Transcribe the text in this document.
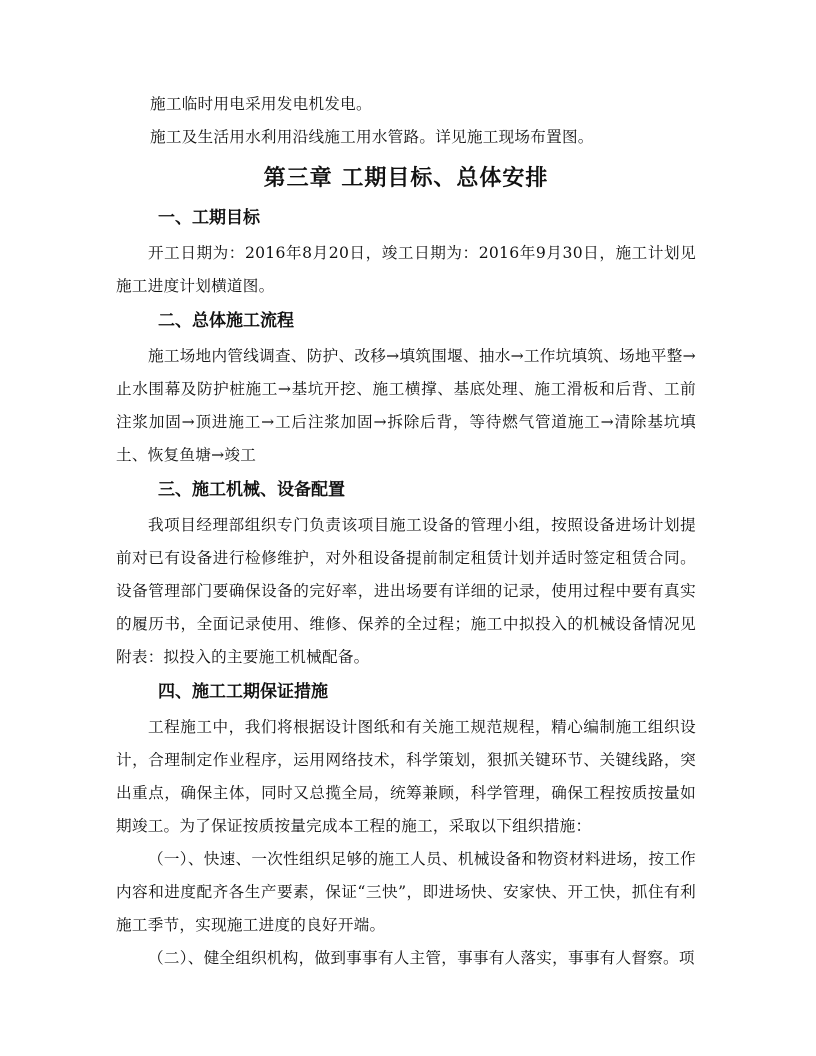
施工临时用电采用发电机发电。

施工及生活用水利用沿线施工用水管路。详见施工现场布置图。

第三章 工期目标、总体安排
一、工期目标

开工日期为：2016年8月20日，竣工日期为：2016年9月30日，施工计划见施工进度计划横道图。

二、总体施工流程

施工场地内管线调查、防护、改移→填筑围堰、抽水→工作坑填筑、场地平整→止水围幕及防护桩施工→基坑开挖、施工横撑、基底处理、施工滑板和后背、工前注浆加固→顶进施工→工后注浆加固→拆除后背，等待燃气管道施工→清除基坑填土、恢复鱼塘→竣工

三、施工机械、设备配置

我项目经理部组织专门负责该项目施工设备的管理小组，按照设备进场计划提前对已有设备进行检修维护，对外租设备提前制定租赁计划并适时签定租赁合同。设备管理部门要确保设备的完好率，进出场要有详细的记录，使用过程中要有真实的履历书，全面记录使用、维修、保养的全过程；施工中拟投入的机械设备情况见附表：拟投入的主要施工机械配备。

四、施工工期保证措施

工程施工中，我们将根据设计图纸和有关施工规范规程，精心编制施工组织设计，合理制定作业程序，运用网络技术，科学策划，狠抓关键环节、关键线路，突出重点，确保主体，同时又总揽全局，统筹兼顾，科学管理，确保工程按质按量如期竣工。为了保证按质按量完成本工程的施工，采取以下组织措施：

（一）、快速、一次性组织足够的施工人员、机械设备和物资材料进场，按工作内容和进度配齐各生产要素，保证“三快”，即进场快、安家快、开工快，抓住有利施工季节，实现施工进度的良好开端。

（二）、健全组织机构，做到事事有人主管，事事有人落实，事事有人督察。项
